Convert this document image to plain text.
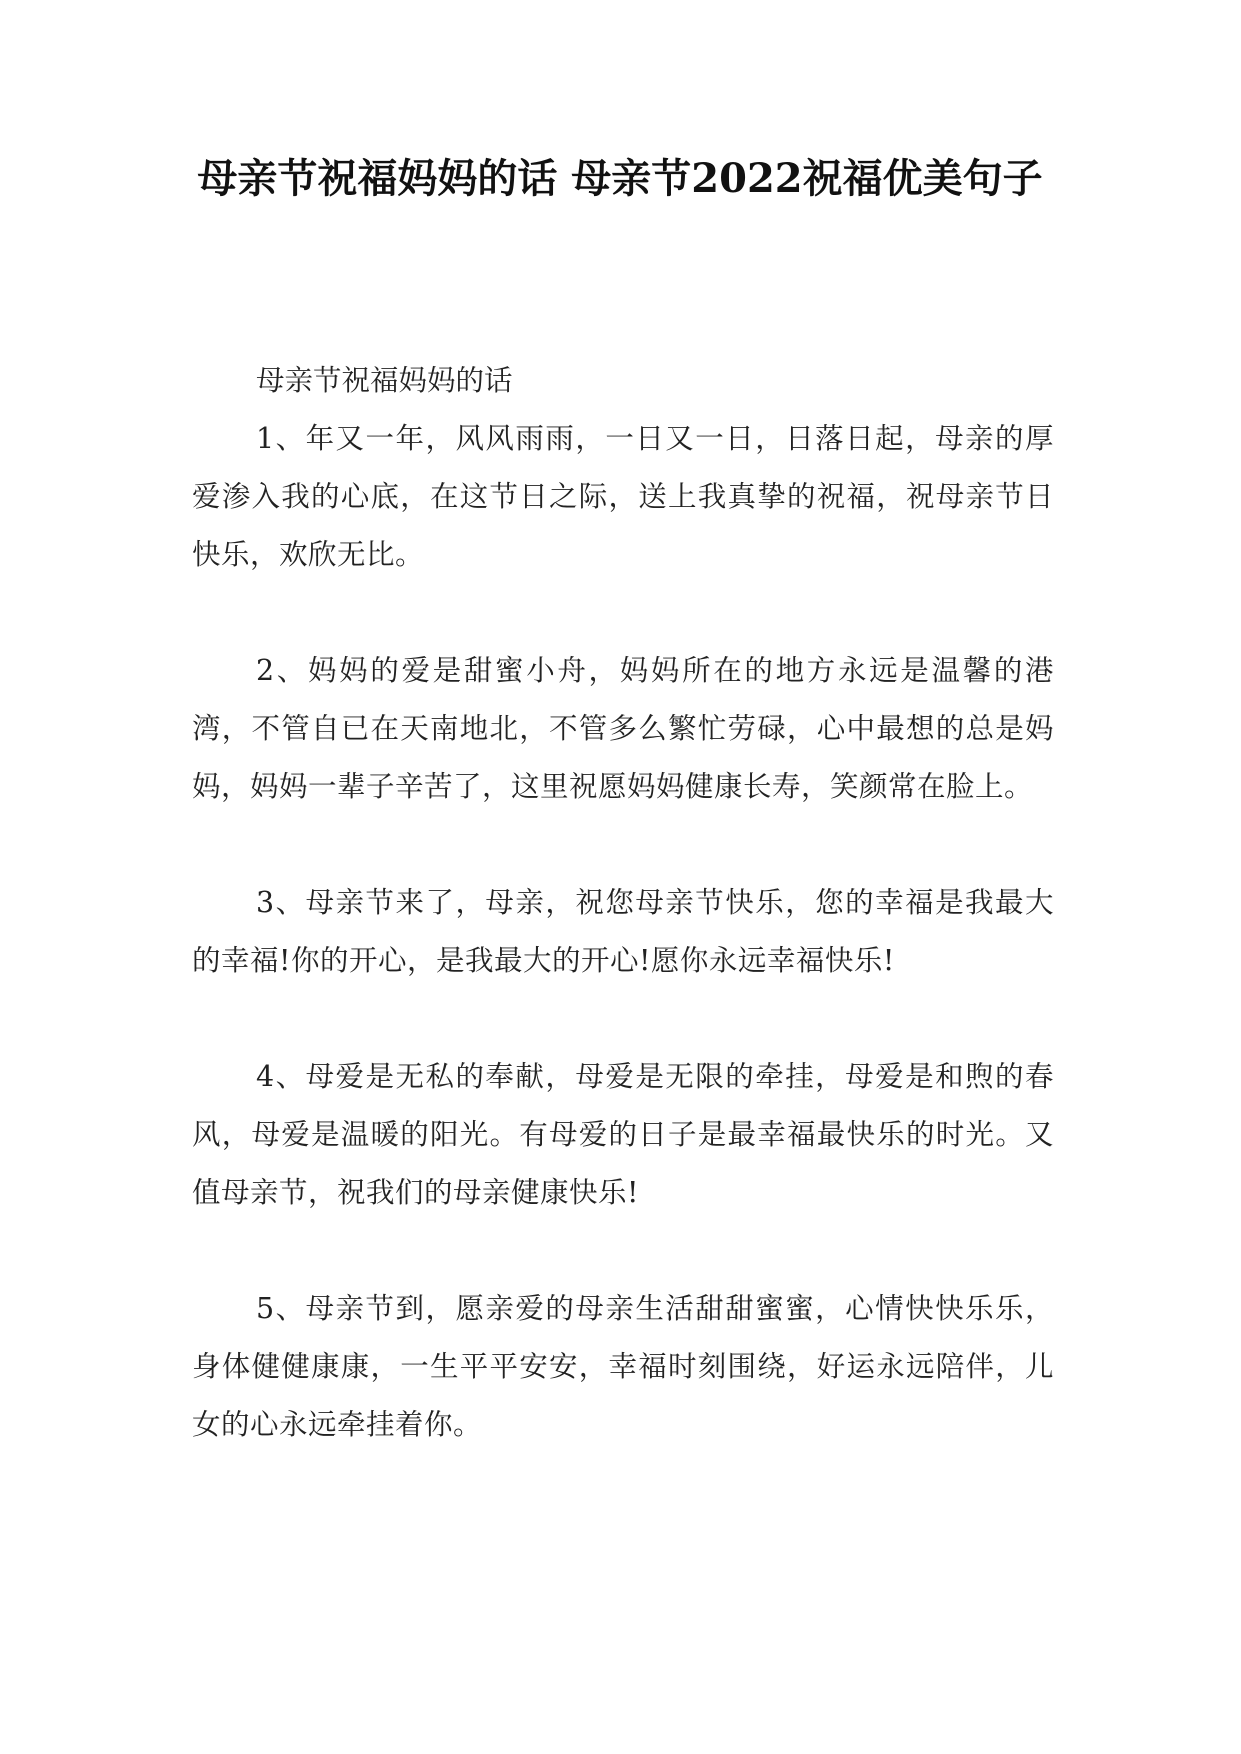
母亲节祝福妈妈的话 母亲节2022祝福优美句子

母亲节祝福妈妈的话

1、年又一年，风风雨雨，一日又一日，日落日起，母亲的厚爱渗入我的心底，在这节日之际，送上我真挚的祝福，祝母亲节日快乐，欢欣无比。

2、妈妈的爱是甜蜜小舟，妈妈所在的地方永远是温馨的港湾，不管自已在天南地北，不管多么繁忙劳碌，心中最想的总是妈妈，妈妈一辈子辛苦了，这里祝愿妈妈健康长寿，笑颜常在脸上。

3、母亲节来了，母亲，祝您母亲节快乐，您的幸福是我最大的幸福!你的开心，是我最大的开心!愿你永远幸福快乐!

4、母爱是无私的奉献，母爱是无限的牵挂，母爱是和煦的春风，母爱是温暖的阳光。有母爱的日子是最幸福最快乐的时光。又值母亲节，祝我们的母亲健康快乐!

5、母亲节到，愿亲爱的母亲生活甜甜蜜蜜，心情快快乐乐，身体健健康康，一生平平安安，幸福时刻围绕，好运永远陪伴，儿女的心永远牵挂着你。
